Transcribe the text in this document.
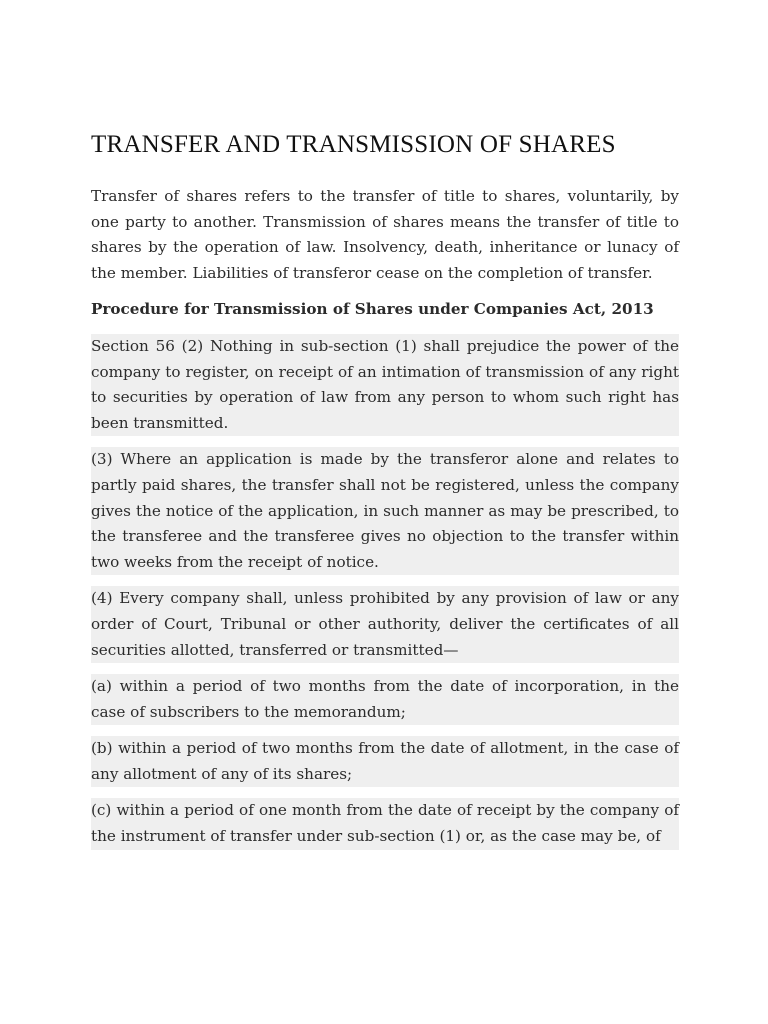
TRANSFER AND TRANSMISSION OF SHARES

Transfer of shares refers to the transfer of title to shares, voluntarily, by one party to another. Transmission of shares means the transfer of title to shares by the operation of law. Insolvency, death, inheritance or lunacy of the member. Liabilities of transferor cease on the completion of transfer.

Procedure for Transmission of Shares under Companies Act, 2013

Section 56 (2) Nothing in sub-section (1) shall prejudice the power of the company to register, on receipt of an intimation of transmission of any right to securities by operation of law from any person to whom such right has been transmitted.

(3) Where an application is made by the transferor alone and relates to partly paid shares, the transfer shall not be registered, unless the company gives the notice of the application, in such manner as may be prescribed, to the transferee and the transferee gives no objection to the transfer within two weeks from the receipt of notice.

(4) Every company shall, unless prohibited by any provision of law or any order of Court, Tribunal or other authority, deliver the certificates of all securities allotted, transferred or transmitted—

(a) within a period of two months from the date of incorporation, in the case of subscribers to the memorandum;

(b) within a period of two months from the date of allotment, in the case of any allotment of any of its shares;

(c) within a period of one month from the date of receipt by the company of the instrument of transfer under sub-section (1) or, as the case may be, of
